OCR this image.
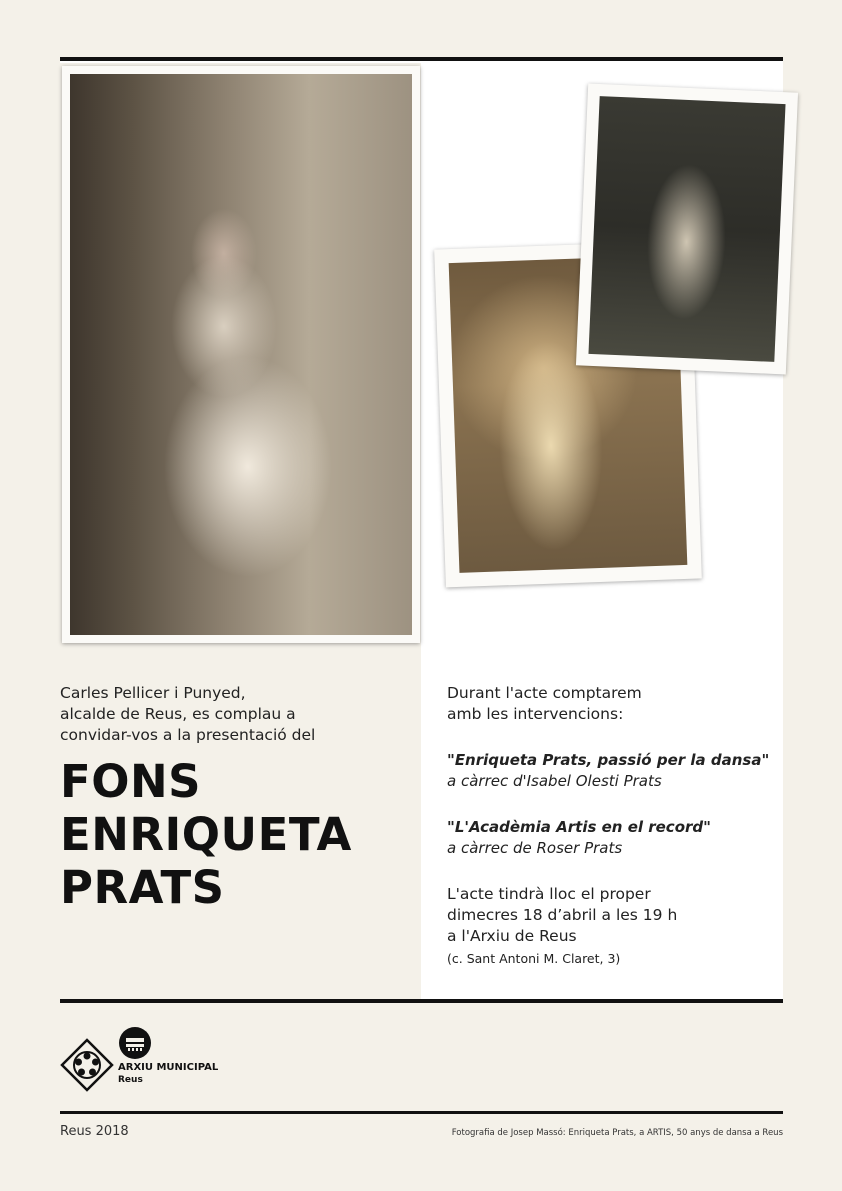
Carles Pellicer i Punyed,
alcalde de Reus, es complau a
convidar-vos a la presentació del
FONS
ENRIQUETA
PRATS
Durant l'acte comptarem
amb les intervencions:
"Enriqueta Prats, passió per la dansa"
a càrrec d'Isabel Olesti Prats
"L'Acadèmia Artis en el record"
a càrrec de Roser Prats
L'acte tindrà lloc el proper
dimecres 18 d’abril a les 19 h
a l'Arxiu de Reus
(c. Sant Antoni M. Claret, 3)
ARXIU MUNICIPAL
Reus
Reus 2018	Fotografia de Josep Massó: Enriqueta Prats, a ARTIS, 50 anys de dansa a Reus
